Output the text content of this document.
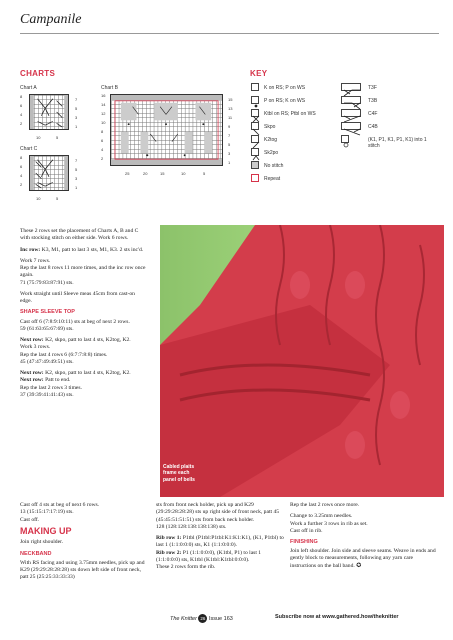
Campanile
CHARTS
Chart A
7
5
3
1
8
6
4
2
10	5
Chart C
7
5
3
1
8
6
4
2
10	5
Chart B
16
14
12
10
8
6
4
2
15
13
11
9
7
5
3
1
25	20	15	10	5
KEY
K on RS; P on WS
P on RS; K on WS
Ktbl on RS; Ptbl on WS
Skpo
K2tog
Sk2po
No stitch
Repeat
T3F
T3B
C4F
C4B
(K1, P1, K1, P1, K1) into 1 stitch
Cabled plaits
frame each
panel of bells

These 2 rows set the placement of Charts A, B and C with stocking stitch on either side. Work 6 rows.

Inc row: K3, M1, patt to last 3 sts, M1, K3. 2 sts inc'd.

Work 7 rows.
Rep the last 8 rows 11 more times, and the inc row once again.

71 (75:79:83:87:91) sts.

Work straight until Sleeve meas 45cm from cast-on edge.

SHAPE SLEEVE TOP
Cast off 6 (7:8:9:10:11) sts at beg of next 2 rows.

59 (61:63:65:67:69) sts.

Next row: K2, skpo, patt to last 4 sts, K2tog, K2.
Work 3 rows.
Rep the last 4 rows 6 (6:7:7:8:8) times.

45 (47:47:49:49:51) sts.

Next row: K2, skpo, patt to last 4 sts, K2tog, K2.
Next row: Patt to end.
Rep the last 2 rows 3 times.

37 (39:39:41:41:43) sts.

Cast off 4 sts at beg of next 6 rows.
13 (15:15:17:17:19) sts.
Cast off.
MAKING UP

Join right shoulder.

NECKBAND
With RS facing and using 3.75mm needles, pick up and K29 (29:29:28:28:28) sts down left side of front neck, patt 25 (25:25:33:33:33)
sts from front neck holder, pick up and K29 (29:29:28:28:28) sts up right side of front neck, patt 45 (45:45:51:51:51) sts from back neck holder.

128 (128:128:138:138:138) sts.

Rib row 1: P1tbl (P1tbl:P1tbl:K1:K1:K1), (K1, P1tbl) to last 1 (1:1:0:0:0) sts, K1 (1:1:0:0:0).
Rib row 2: P1 (1:1:0:0:0), (K1tbl, P1) to last 1 (1:1:0:0:0) sts, K1tbl (K1tbl:K1tbl:0:0:0).
These 2 rows form the rib.

Rep the last 2 rows once more.

Change to 3.25mm needles.
Work a further 3 rows in rib as set.

Cast off in rib.

FINISHING
Join left shoulder. Join side and sleeve seams. Weave in ends and gently block to measurements, following any yarn care instructions on the ball band. ✪
The Knitter 26 Issue 163	Subscribe now at www.gathered.how/theknitter
